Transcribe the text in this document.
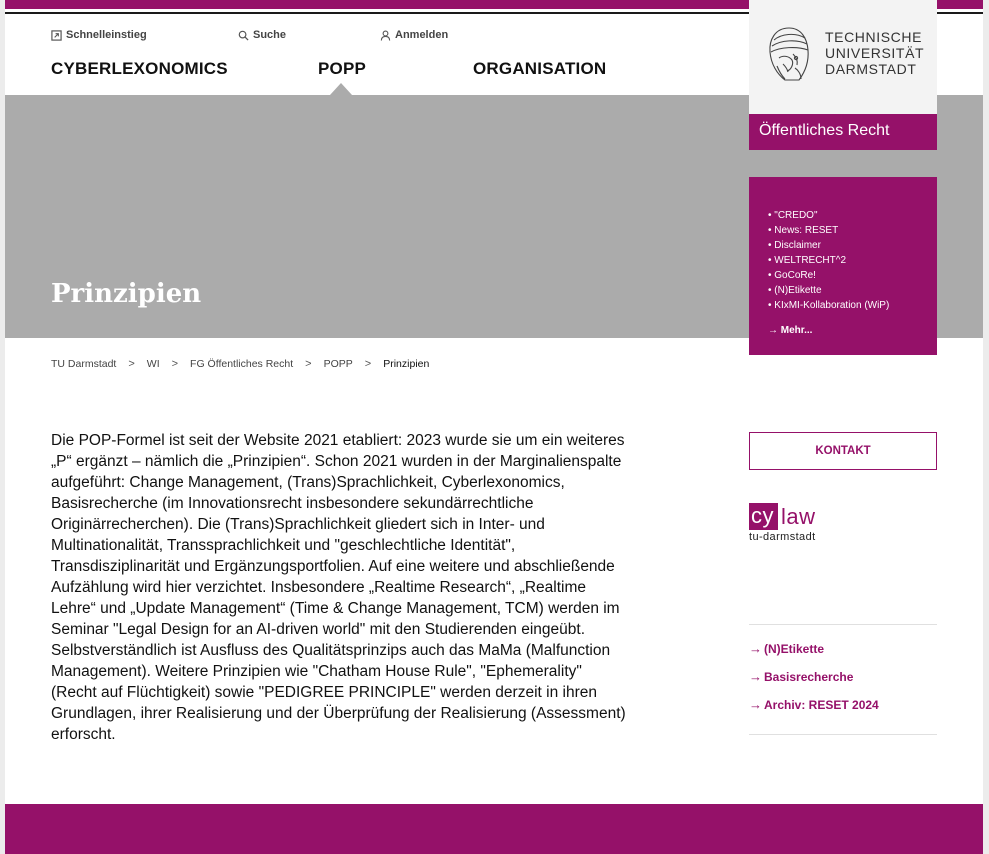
Schnelleinstieg	Suche	Anmelden
CYBERLEXONOMICS	POPP	ORGANISATION
Prinzipien
TECHNISCHE
UNIVERSITÄT
DARMSTADT
Öffentliches Recht
• "CREDO"
• News: RESET
• Disclaimer
• WELTRECHT^2
• GoCoRe!
• (N)Etikette
• KIxMI-Kollaboration (WiP)
→ Mehr...
TU Darmstadt > WI > FG Öffentliches Recht > POPP > Prinzipien

Die POP-Formel ist seit der Website 2021 etabliert: 2023 wurde sie um ein weiteres „P“ ergänzt – nämlich die „Prinzipien“. Schon 2021 wurden in der Marginalienspalte aufgeführt: Change Management, (Trans)Sprachlichkeit, Cyberlexonomics, Basisrecherche (im Innovationsrecht insbesondere sekundärrechtliche Originärrecherchen). Die (Trans)Sprachlichkeit gliedert sich in Inter- und Multinationalität, Transsprachlichkeit und "geschlechtliche Identität", Transdisziplinarität und Ergänzungsportfolien. Auf eine weitere und abschließende Aufzählung wird hier verzichtet. Insbesondere „Realtime Research“, „Realtime Lehre“ und „Update Management“ (Time & Change Management, TCM) werden im Seminar "Legal Design for an AI-driven world" mit den Studierenden eingeübt. Selbstverständlich ist Ausfluss des Qualitätsprinzips auch das MaMa (Malfunction Management). Weitere Prinzipien wie "Chatham House Rule", "Ephemerality" (Recht auf Flüchtigkeit) sowie "PEDIGREE PRINCIPLE" werden derzeit in ihren Grundlagen, ihrer Realisierung und der Überprüfung der Realisierung (Assessment) erforscht.

KONTAKT
cy law
tu-darmstadt
→ (N)Etikette
→ Basisrecherche
→ Archiv: RESET 2024
